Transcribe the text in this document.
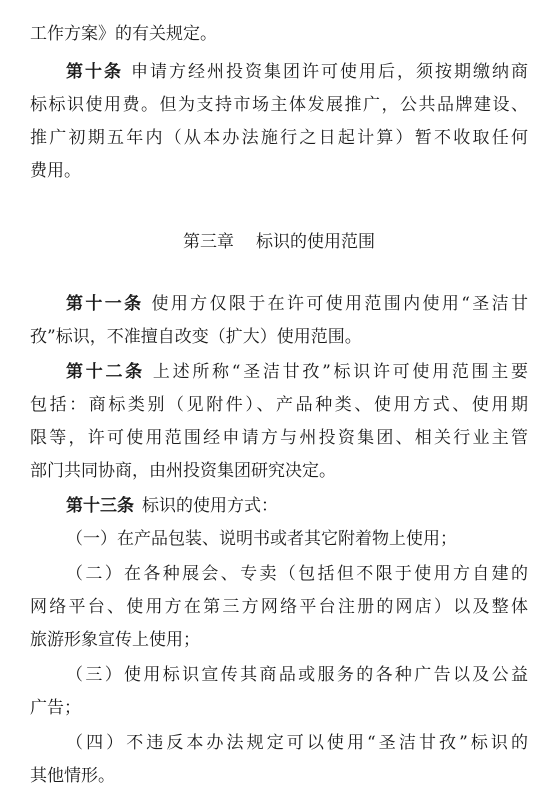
工作方案》的有关规定。
第十条 申请方经州投资集团许可使用后，须按期缴纳商
标标识使用费。但为支持市场主体发展推广，公共品牌建设、
推广初期五年内（从本办法施行之日起计算）暂不收取任何
费用。
第三章 标识的使用范围
第十一条 使用方仅限于在许可使用范围内使用“圣洁甘
孜”标识，不准擅自改变（扩大）使用范围。
第十二条 上述所称“圣洁甘孜”标识许可使用范围主要
包括：商标类别（见附件）、产品种类、使用方式、使用期
限等，许可使用范围经申请方与州投资集团、相关行业主管
部门共同协商，由州投资集团研究决定。
第十三条 标识的使用方式：
（一）在产品包装、说明书或者其它附着物上使用；
（二）在各种展会、专卖（包括但不限于使用方自建的
网络平台、使用方在第三方网络平台注册的网店）以及整体
旅游形象宣传上使用；
（三）使用标识宣传其商品或服务的各种广告以及公益
广告；
（四）不违反本办法规定可以使用“圣洁甘孜”标识的
其他情形。
